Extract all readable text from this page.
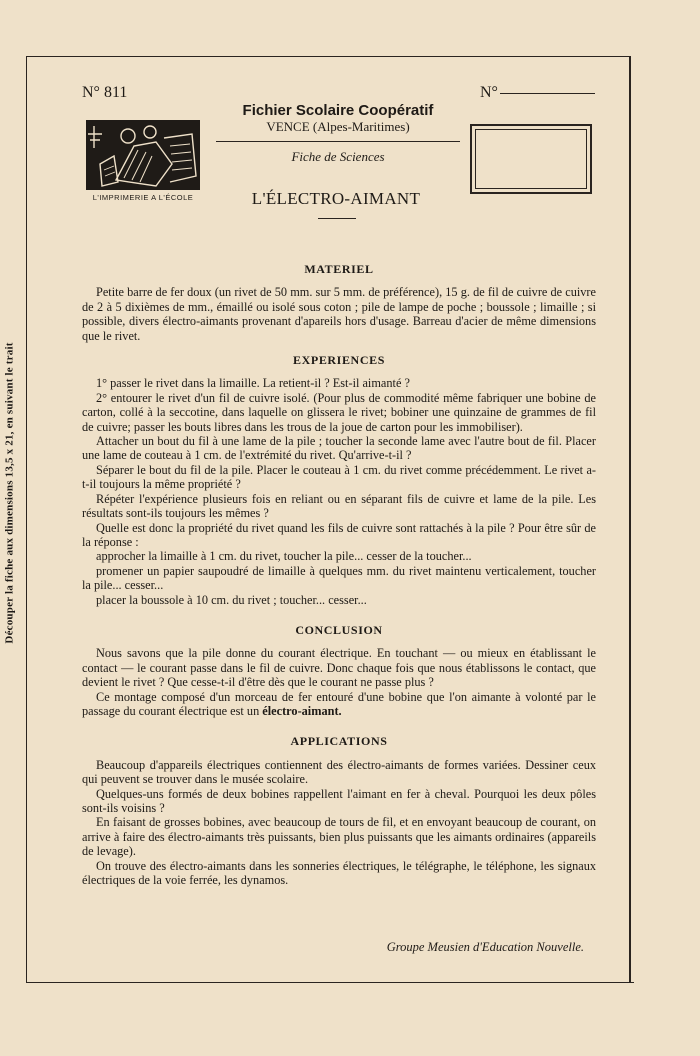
Découper la fiche aux dimensions 13,5 x 21, en suivant le trait
N° 811	N°
Fichier Scolaire Coopératif
VENCE (Alpes-Maritimes)
Fiche de Sciences
L'IMPRIMERIE A L'ÉCOLE	L'ÉLECTRO-AIMANT
MATERIEL

Petite barre de fer doux (un rivet de 50 mm. sur 5 mm. de préférence), 15 g. de fil de cuivre de cuivre de 2 à 5 dixièmes de mm., émaillé ou isolé sous coton ; pile de lampe de poche ; boussole ; limaille ; si possible, divers électro-aimants provenant d'apareils hors d'usage. Barreau d'acier de même dimensions que le rivet.

EXPERIENCES

1° passer le rivet dans la limaille. La retient-il ? Est-il aimanté ?

2° entourer le rivet d'un fil de cuivre isolé. (Pour plus de commodité même fabriquer une bobine de carton, collé à la seccotine, dans laquelle on glissera le rivet; bobiner une quinzaine de grammes de fil de cuivre; passer les bouts libres dans les trous de la joue de carton pour les immobiliser).

Attacher un bout du fil à une lame de la pile ; toucher la seconde lame avec l'autre bout de fil. Placer une lame de couteau à 1 cm. de l'extrémité du rivet. Qu'arrive-t-il ?

Séparer le bout du fil de la pile. Placer le couteau à 1 cm. du rivet comme précédemment. Le rivet a-t-il toujours la même propriété ?

Répéter l'expérience plusieurs fois en reliant ou en séparant fils de cuivre et lame de la pile. Les résultats sont-ils toujours les mêmes ?

Quelle est donc la propriété du rivet quand les fils de cuivre sont rattachés à la pile ? Pour être sûr de la réponse :

approcher la limaille à 1 cm. du rivet, toucher la pile... cesser de la toucher...

promener un papier saupoudré de limaille à quelques mm. du rivet maintenu verticalement, toucher la pile... cesser...

placer la boussole à 10 cm. du rivet ; toucher... cesser...

CONCLUSION

Nous savons que la pile donne du courant électrique. En touchant — ou mieux en établissant le contact — le courant passe dans le fil de cuivre. Donc chaque fois que nous établissons le contact, que devient le rivet ? Que cesse-t-il d'être dès que le courant ne passe plus ?

Ce montage composé d'un morceau de fer entouré d'une bobine que l'on aimante à volonté par le passage du courant électrique est un électro-aimant.

APPLICATIONS

Beaucoup d'appareils électriques contiennent des électro-aimants de formes variées. Dessiner ceux qui peuvent se trouver dans le musée scolaire.

Quelques-uns formés de deux bobines rappellent l'aimant en fer à cheval. Pourquoi les deux pôles sont-ils voisins ?

En faisant de grosses bobines, avec beaucoup de tours de fil, et en envoyant beaucoup de courant, on arrive à faire des électro-aimants très puissants, bien plus puissants que les aimants ordinaires (appareils de levage).

On trouve des électro-aimants dans les sonneries électriques, le télégraphe, le téléphone, les signaux électriques de la voie ferrée, les dynamos.

Groupe Meusien d'Education Nouvelle.
